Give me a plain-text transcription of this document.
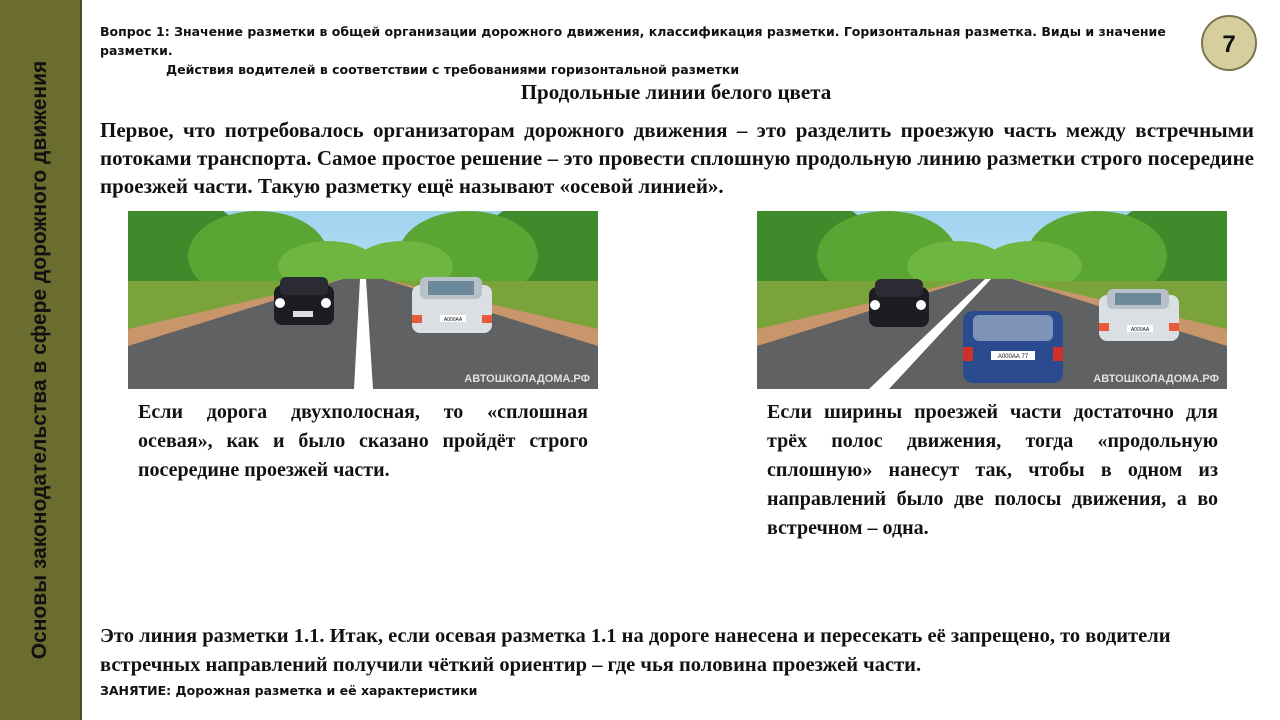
Основы законодательства в сфере дорожного движения
Вопрос 1: Значение разметки в общей организации дорожного движения, классификация разметки. Горизонтальная разметка. Виды и значение разметки.
Действия водителей в соответствии с требованиями горизонтальной разметки
7
Продольные линии белого цвета
Первое, что потребовалось организаторам дорожного движения – это разделить проезжую часть между встречными потоками транспорта. Самое простое решение – это провести сплошную продольную линию разметки строго посередине проезжей части. Такую разметку ещё называют «осевой линией».
А000АА
АВТОШКОЛАДОМА.РФ
А000АА 77
А000АА
АВТОШКОЛАДОМА.РФ
Если дорога двухполосная, то «сплошная осевая», как и было сказано пройдёт строго посередине проезжей части.
Если ширины проезжей части достаточно для трёх полос движения, тогда «продольную сплошную» нанесут так, чтобы в одном из направлений было две полосы движения, а во встречном – одна.
Это линия разметки 1.1. Итак, если осевая разметка 1.1 на дороге нанесена и пересекать её запрещено, то водители встречных направлений получили чёткий ориентир – где чья половина проезжей части.
ЗАНЯТИЕ: Дорожная разметка и её характеристики
